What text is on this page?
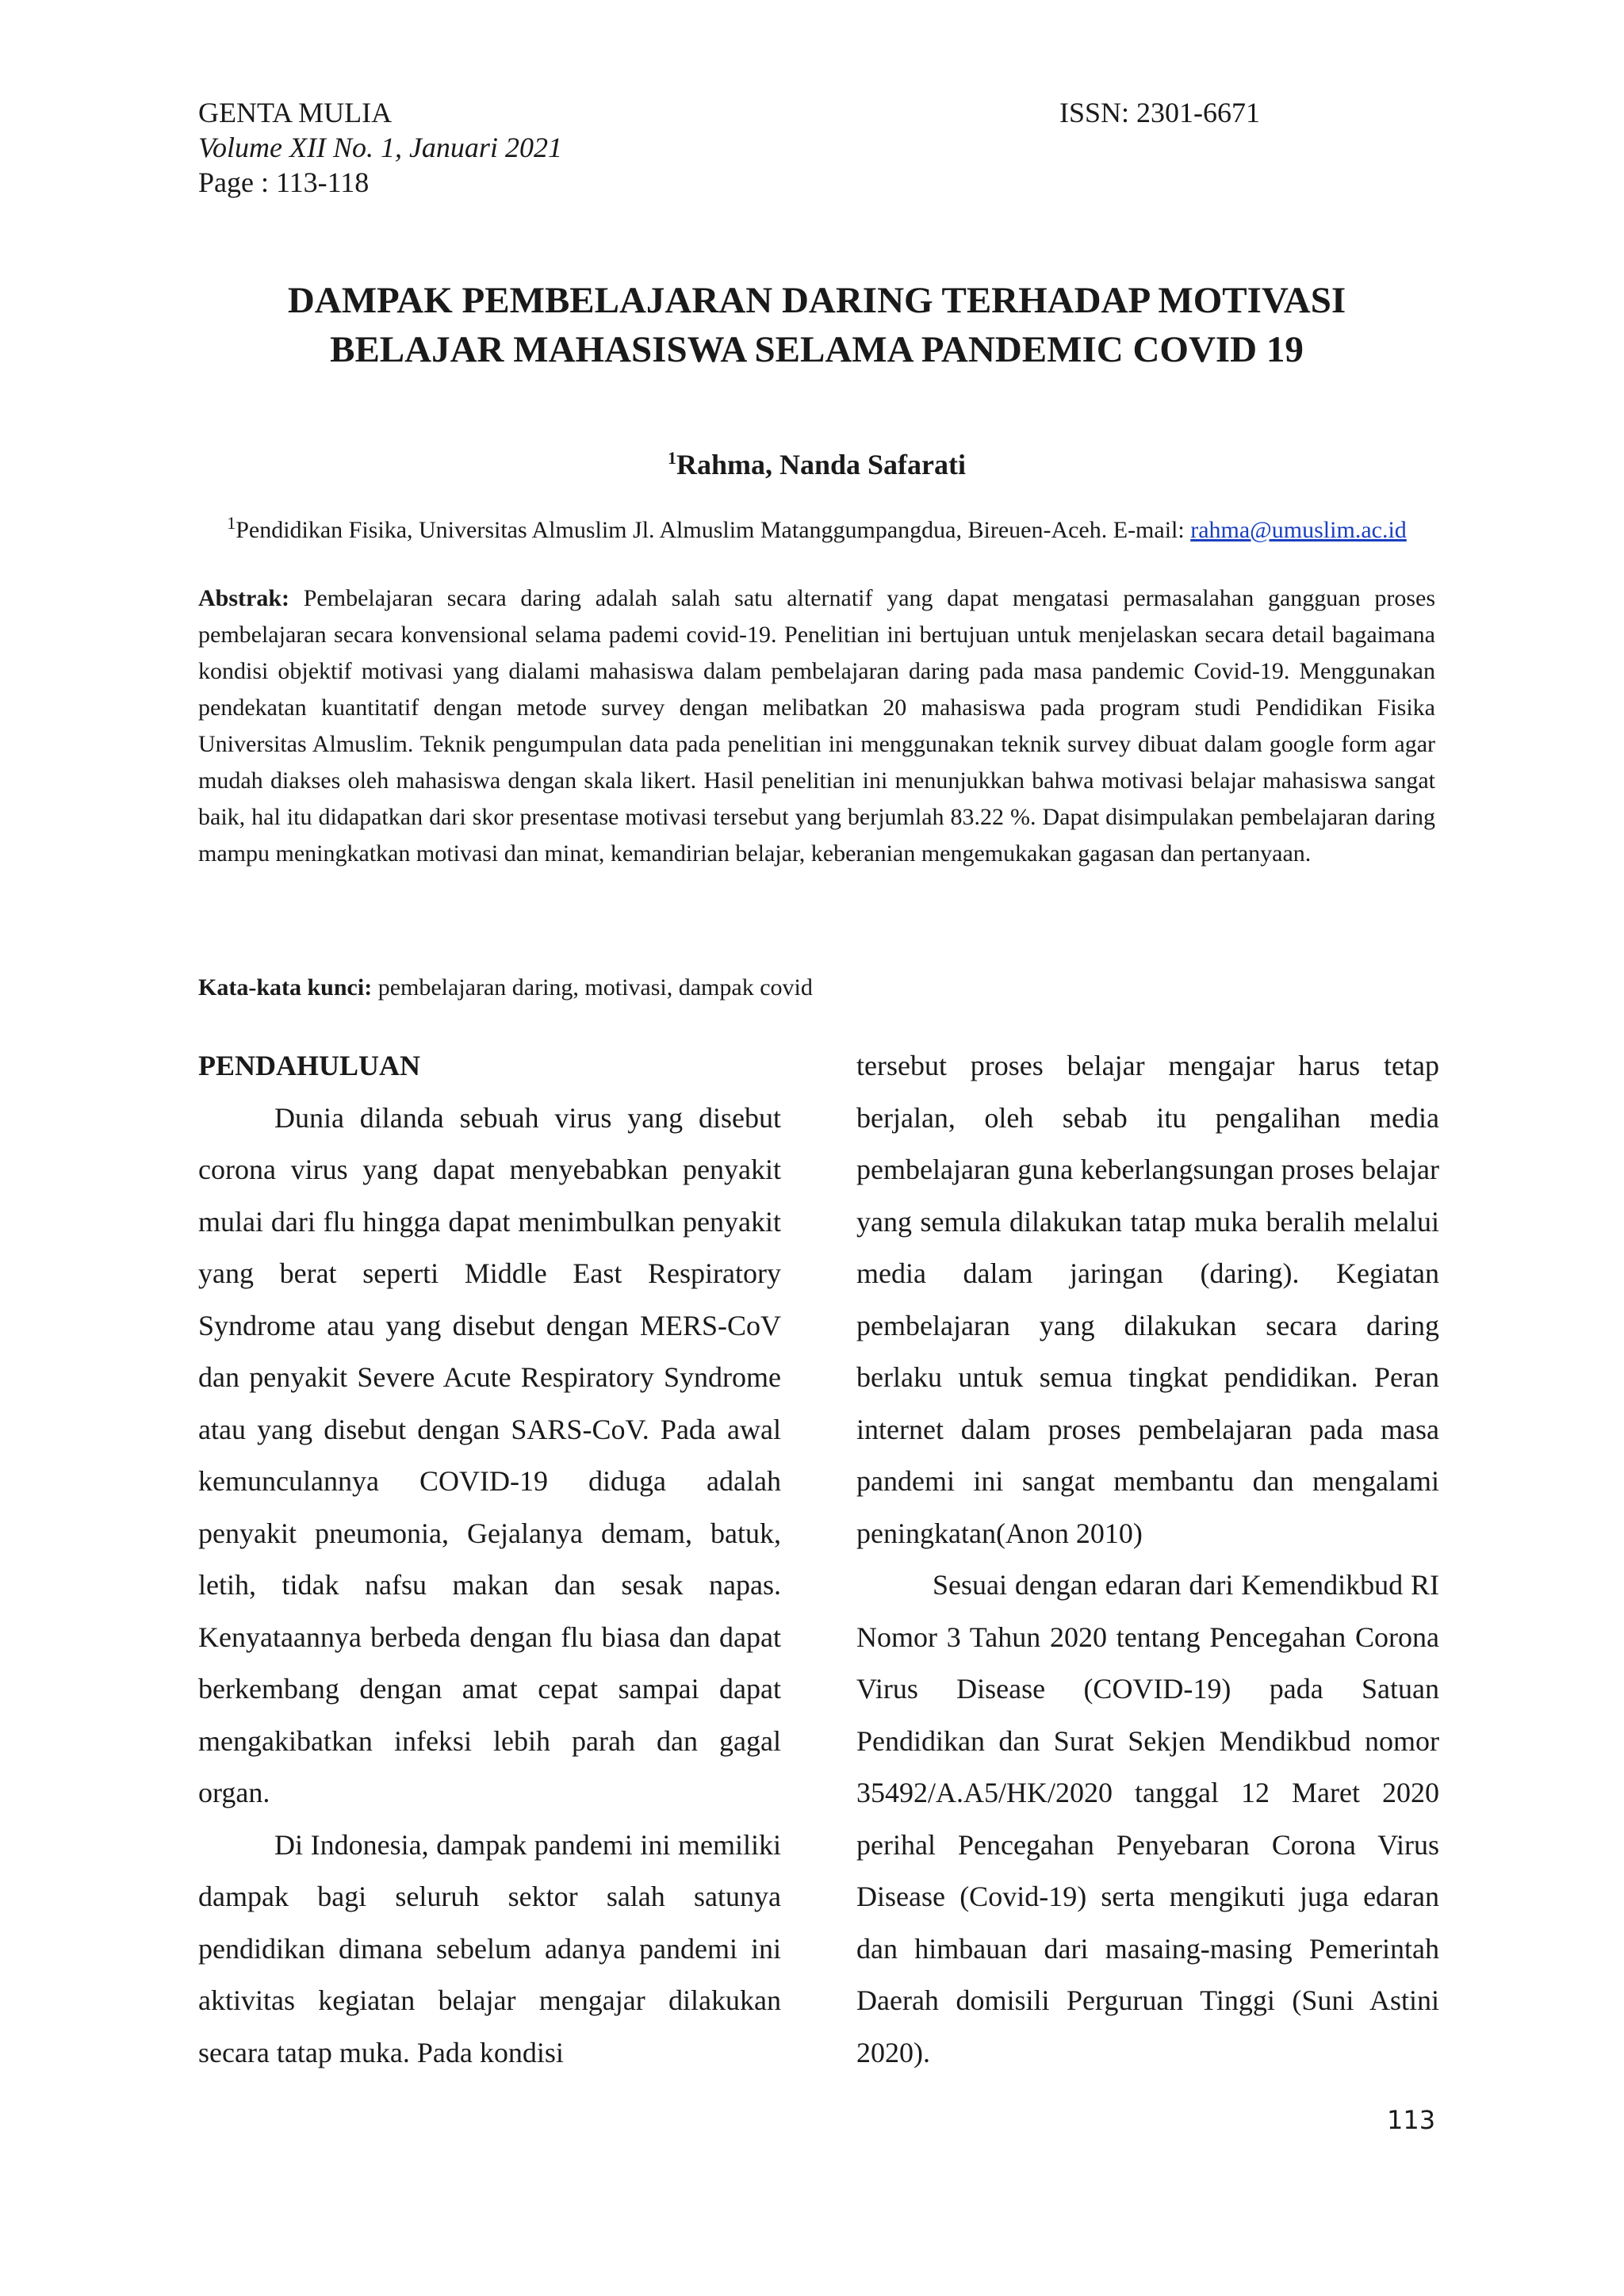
GENTA MULIA
Volume XII No. 1, Januari 2021
Page : 113-118
ISSN: 2301-6671
DAMPAK PEMBELAJARAN DARING TERHADAP MOTIVASI
BELAJAR MAHASISWA SELAMA PANDEMIC COVID 19
$^1$Rahma, Nanda Safarati
$^1$Pendidikan Fisika, Universitas Almuslim Jl. Almuslim Matanggumpangdua, Bireuen-Aceh. E-mail: rahma@umuslim.ac.id
Abstrak: Pembelajaran secara daring adalah salah satu alternatif yang dapat mengatasi permasalahan gangguan proses pembelajaran secara konvensional selama pademi covid-19. Penelitian ini bertujuan untuk menjelaskan secara detail bagaimana kondisi objektif motivasi yang dialami mahasiswa dalam pembelajaran daring pada masa pandemic Covid-19. Menggunakan pendekatan kuantitatif dengan metode survey dengan melibatkan 20 mahasiswa pada program studi Pendidikan Fisika Universitas Almuslim. Teknik pengumpulan data pada penelitian ini menggunakan teknik survey dibuat dalam google form agar mudah diakses oleh mahasiswa dengan skala likert. Hasil penelitian ini menunjukkan bahwa motivasi belajar mahasiswa sangat baik, hal itu didapatkan dari skor presentase motivasi tersebut yang berjumlah 83.22 %. Dapat disimpulakan pembelajaran daring mampu meningkatkan motivasi dan minat, kemandirian belajar, keberanian mengemukakan gagasan dan pertanyaan.
Kata-kata kunci: pembelajaran daring, motivasi, dampak covid
PENDAHULUAN

Dunia dilanda sebuah virus yang disebut corona virus yang dapat menyebabkan penyakit mulai dari flu hingga dapat menimbulkan penyakit yang berat seperti Middle East Respiratory Syndrome atau yang disebut dengan MERS-CoV dan penyakit Severe Acute Respiratory Syndrome atau yang disebut dengan SARS-CoV. Pada awal kemunculannya COVID-19 diduga adalah penyakit pneumonia, Gejalanya demam, batuk, letih, tidak nafsu makan dan sesak napas. Kenyataannya berbeda dengan flu biasa dan dapat berkembang dengan amat cepat sampai dapat mengakibatkan infeksi lebih parah dan gagal organ.

Di Indonesia, dampak pandemi ini memiliki dampak bagi seluruh sektor salah satunya pendidikan dimana sebelum adanya pandemi ini aktivitas kegiatan belajar mengajar dilakukan secara tatap muka. Pada kondisi

tersebut proses belajar mengajar harus tetap berjalan, oleh sebab itu pengalihan media pembelajaran guna keberlangsungan proses belajar yang semula dilakukan tatap muka beralih melalui media dalam jaringan (daring). Kegiatan pembelajaran yang dilakukan secara daring berlaku untuk semua tingkat pendidikan. Peran internet dalam proses pembelajaran pada masa pandemi ini sangat membantu dan mengalami peningkatan(Anon 2010)

Sesuai dengan edaran dari Kemendikbud RI Nomor 3 Tahun 2020 tentang Pencegahan Corona Virus Disease (COVID-19) pada Satuan Pendidikan dan Surat Sekjen Mendikbud nomor 35492/A.A5/HK/2020 tanggal 12 Maret 2020 perihal Pencegahan Penyebaran Corona Virus Disease (Covid-19) serta mengikuti juga edaran dan himbauan dari masaing-masing Pemerintah Daerah domisili Perguruan Tinggi (Suni Astini 2020).

113
